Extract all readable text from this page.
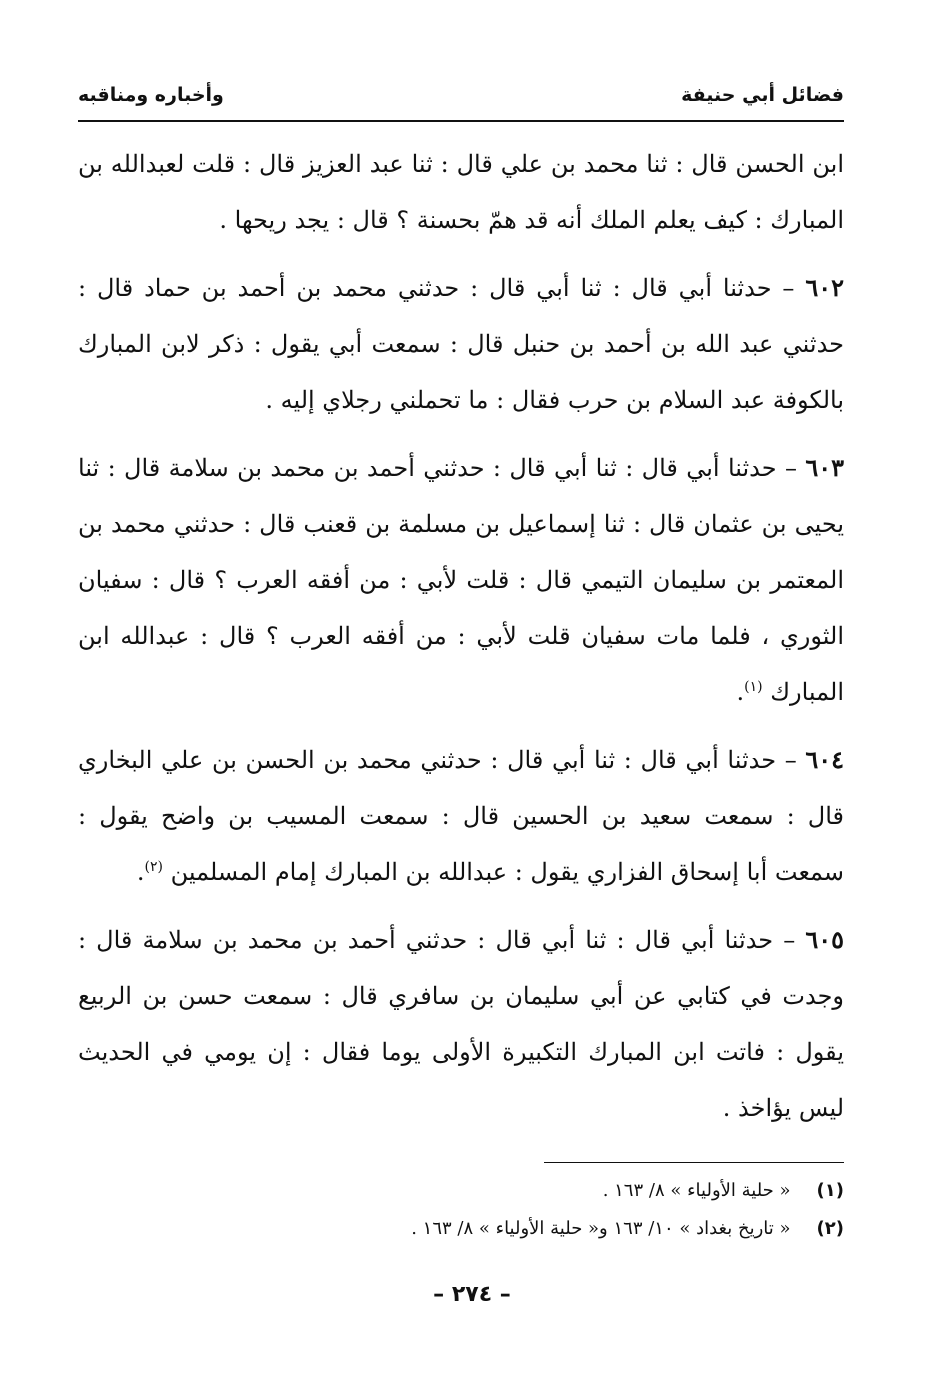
فضائل أبي حنيفة
وأخباره ومناقبه

ابن الحسن قال : ثنا محمد بن علي قال : ثنا عبد العزيز قال : قلت لعبدالله بن المبارك : كيف يعلم الملك أنه قد همّ بحسنة ؟ قال : يجد ريحها .

٦٠٢ – حدثنا أبي قال : ثنا أبي قال : حدثني محمد بن أحمد بن حماد قال : حدثني عبد الله بن أحمد بن حنبل قال : سمعت أبي يقول : ذكر لابن المبارك بالكوفة عبد السلام بن حرب فقال : ما تحملني رجلاي إليه .

٦٠٣ – حدثنا أبي قال : ثنا أبي قال : حدثني أحمد بن محمد بن سلامة قال : ثنا يحيى بن عثمان قال : ثنا إسماعيل بن مسلمة بن قعنب قال : حدثني محمد بن المعتمر بن سليمان التيمي قال : قلت لأبي : من أفقه العرب ؟ قال : سفيان الثوري ، فلما مات سفيان قلت لأبي : من أفقه العرب ؟ قال : عبدالله ابن المبارك $^{(١)}$.

٦٠٤ – حدثنا أبي قال : ثنا أبي قال : حدثني محمد بن الحسن بن علي البخاري قال : سمعت سعيد بن الحسين قال : سمعت المسيب بن واضح يقول : سمعت أبا إسحاق الفزاري يقول : عبدالله بن المبارك إمام المسلمين $^{(٢)}$.

٦٠٥ – حدثنا أبي قال : ثنا أبي قال : حدثني أحمد بن محمد بن سلامة قال : وجدت في كتابي عن أبي سليمان بن سافري قال : سمعت حسن بن الربيع يقول : فاتت ابن المبارك التكبيرة الأولى يوما فقال : إن يومي في الحديث ليس يؤاخذ .

(١)
« حلية الأولياء » ٨/ ١٦٣ .
(٢)
« تاريخ بغداد » ١٠/ ١٦٣ و« حلية الأولياء » ٨/ ١٦٣ .
– ٢٧٤ –
